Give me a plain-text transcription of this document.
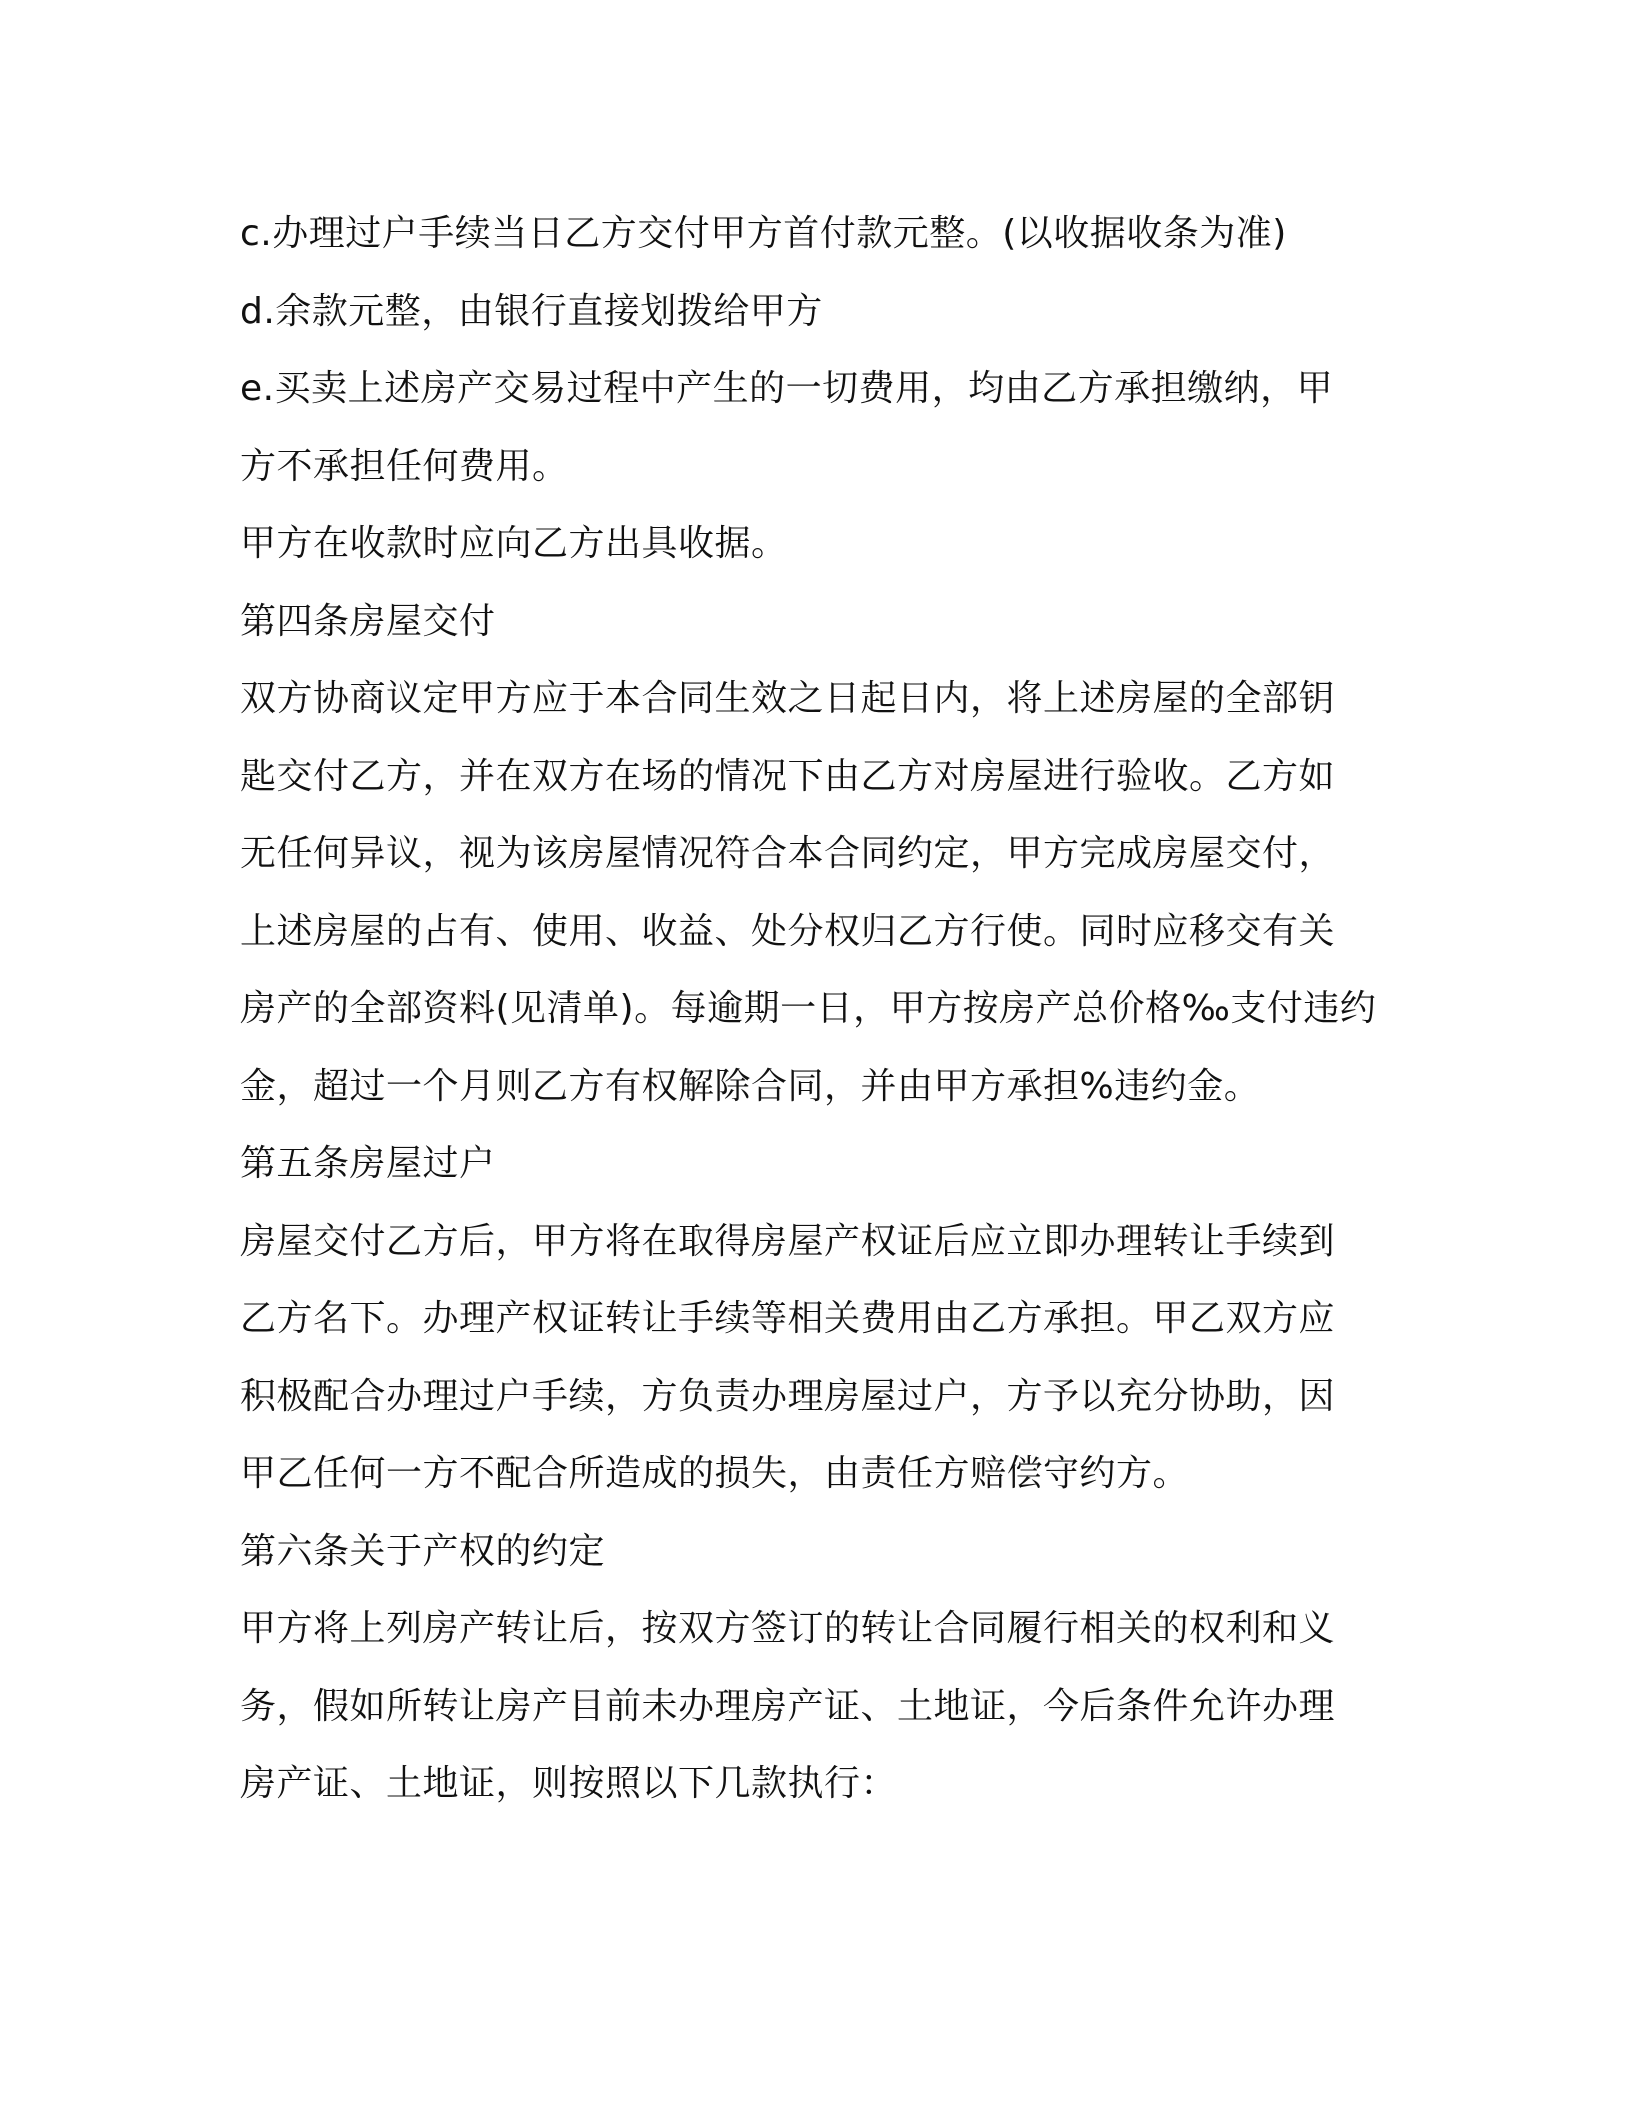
c.办理过户手续当日乙方交付甲方首付款元整。(以收据收条为准)
d.余款元整，由银行直接划拨给甲方
e.买卖上述房产交易过程中产生的一切费用，均由乙方承担缴纳，甲
方不承担任何费用。
甲方在收款时应向乙方出具收据。
第四条房屋交付
双方协商议定甲方应于本合同生效之日起日内，将上述房屋的全部钥
匙交付乙方，并在双方在场的情况下由乙方对房屋进行验收。乙方如
无任何异议，视为该房屋情况符合本合同约定，甲方完成房屋交付，
上述房屋的占有、使用、收益、处分权归乙方行使。同时应移交有关
房产的全部资料(见清单)。每逾期一日，甲方按房产总价格‰支付违约
金，超过一个月则乙方有权解除合同，并由甲方承担%违约金。
第五条房屋过户
房屋交付乙方后，甲方将在取得房屋产权证后应立即办理转让手续到
乙方名下。办理产权证转让手续等相关费用由乙方承担。甲乙双方应
积极配合办理过户手续，方负责办理房屋过户，方予以充分协助，因
甲乙任何一方不配合所造成的损失，由责任方赔偿守约方。
第六条关于产权的约定
甲方将上列房产转让后，按双方签订的转让合同履行相关的权利和义
务，假如所转让房产目前未办理房产证、土地证，今后条件允许办理
房产证、土地证，则按照以下几款执行：
